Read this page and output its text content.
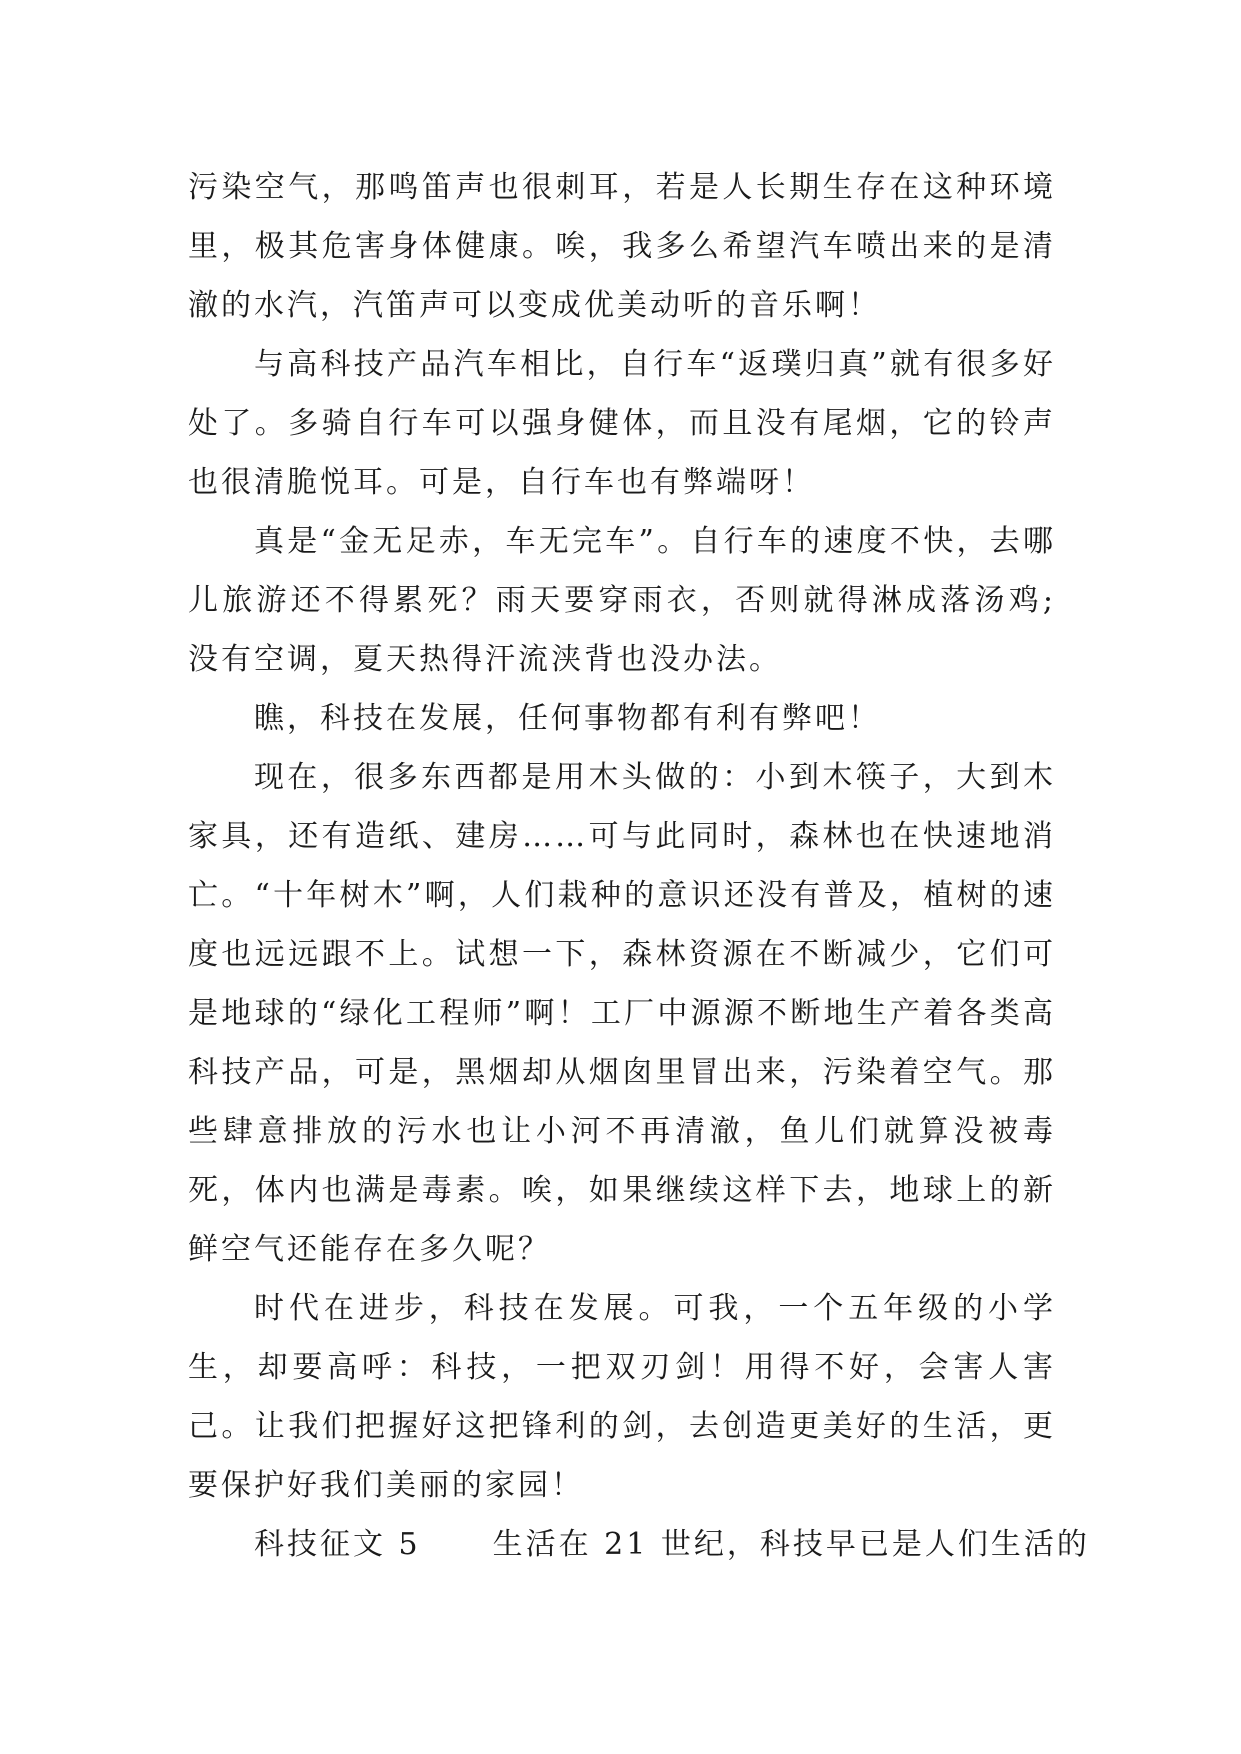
污染空气，那鸣笛声也很刺耳，若是人长期生存在这种环境里，极其危害身体健康。唉，我多么希望汽车喷出来的是清澈的水汽，汽笛声可以变成优美动听的音乐啊！

与高科技产品汽车相比，自行车“返璞归真”就有很多好处了。多骑自行车可以强身健体，而且没有尾烟，它的铃声也很清脆悦耳。可是，自行车也有弊端呀！

真是“金无足赤，车无完车”。自行车的速度不快，去哪儿旅游还不得累死？雨天要穿雨衣，否则就得淋成落汤鸡;没有空调，夏天热得汗流浃背也没办法。

瞧，科技在发展，任何事物都有利有弊吧！

现在，很多东西都是用木头做的：小到木筷子，大到木家具，还有造纸、建房……可与此同时，森林也在快速地消亡。“十年树木”啊，人们栽种的意识还没有普及，植树的速度也远远跟不上。试想一下，森林资源在不断减少，它们可是地球的“绿化工程师”啊！工厂中源源不断地生产着各类高科技产品，可是，黑烟却从烟囱里冒出来，污染着空气。那些肆意排放的污水也让小河不再清澈，鱼儿们就算没被毒死，体内也满是毒素。唉，如果继续这样下去，地球上的新鲜空气还能存在多久呢？

时代在进步，科技在发展。可我，一个五年级的小学生，却要高呼：科技，一把双刃剑！用得不好，会害人害己。让我们把握好这把锋利的剑，去创造更美好的生活，更要保护好我们美丽的家园！

科技征文 5 生活在 21 世纪，科技早已是人们生活的
